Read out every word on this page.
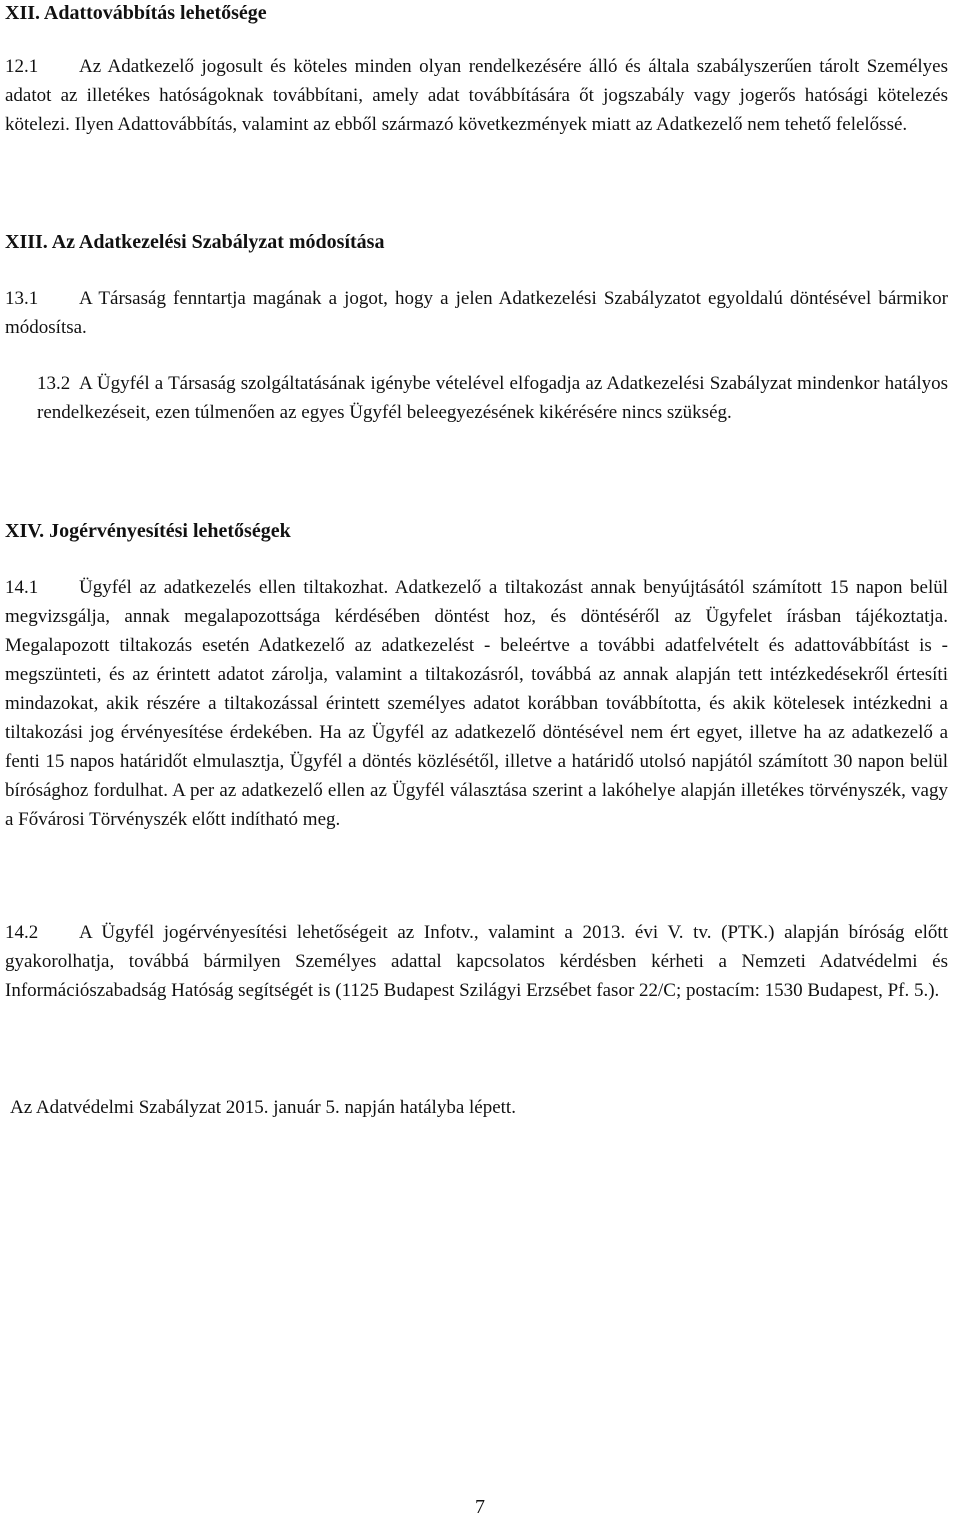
XII. Adattovábbítás lehetősége
12.1 Az Adatkezelő jogosult és köteles minden olyan rendelkezésére álló és általa szabályszerűen tárolt Személyes adatot az illetékes hatóságoknak továbbítani, amely adat továbbítására őt jogszabály vagy jogerős hatósági kötelezés kötelezi. Ilyen Adattovábbítás, valamint az ebből származó következmények miatt az Adatkezelő nem tehető felelőssé.
XIII. Az Adatkezelési Szabályzat módosítása
13.1 A Társaság fenntartja magának a jogot, hogy a jelen Adatkezelési Szabályzatot egyoldalú döntésével bármikor módosítsa.
13.2 A Ügyfél a Társaság szolgáltatásának igénybe vételével elfogadja az Adatkezelési Szabályzat mindenkor hatályos rendelkezéseit, ezen túlmenően az egyes Ügyfél beleegyezésének kikérésére nincs szükség.
XIV. Jogérvényesítési lehetőségek
14.1 Ügyfél az adatkezelés ellen tiltakozhat. Adatkezelő a tiltakozást annak benyújtásától számított 15 napon belül megvizsgálja, annak megalapozottsága kérdésében döntést hoz, és döntéséről az Ügyfelet írásban tájékoztatja. Megalapozott tiltakozás esetén Adatkezelő az adatkezelést - beleértve a további adatfelvételt és adattovábbítást is - megszünteti, és az érintett adatot zárolja, valamint a tiltakozásról, továbbá az annak alapján tett intézkedésekről értesíti mindazokat, akik részére a tiltakozással érintett személyes adatot korábban továbbította, és akik kötelesek intézkedni a tiltakozási jog érvényesítése érdekében. Ha az Ügyfél az adatkezelő döntésével nem ért egyet, illetve ha az adatkezelő a fenti 15 napos határidőt elmulasztja, Ügyfél a döntés közlésétől, illetve a határidő utolsó napjától számított 30 napon belül bírósághoz fordulhat. A per az adatkezelő ellen az Ügyfél választása szerint a lakóhelye alapján illetékes törvényszék, vagy a Fővárosi Törvényszék előtt indítható meg.
14.2 A Ügyfél jogérvényesítési lehetőségeit az Infotv., valamint a 2013. évi V. tv. (PTK.) alapján bíróság előtt gyakorolhatja, továbbá bármilyen Személyes adattal kapcsolatos kérdésben kérheti a Nemzeti Adatvédelmi és Információszabadság Hatóság segítségét is (1125 Budapest Szilágyi Erzsébet fasor 22/C; postacím: 1530 Budapest, Pf. 5.).
Az Adatvédelmi Szabályzat 2015. január 5. napján hatályba lépett.
7
